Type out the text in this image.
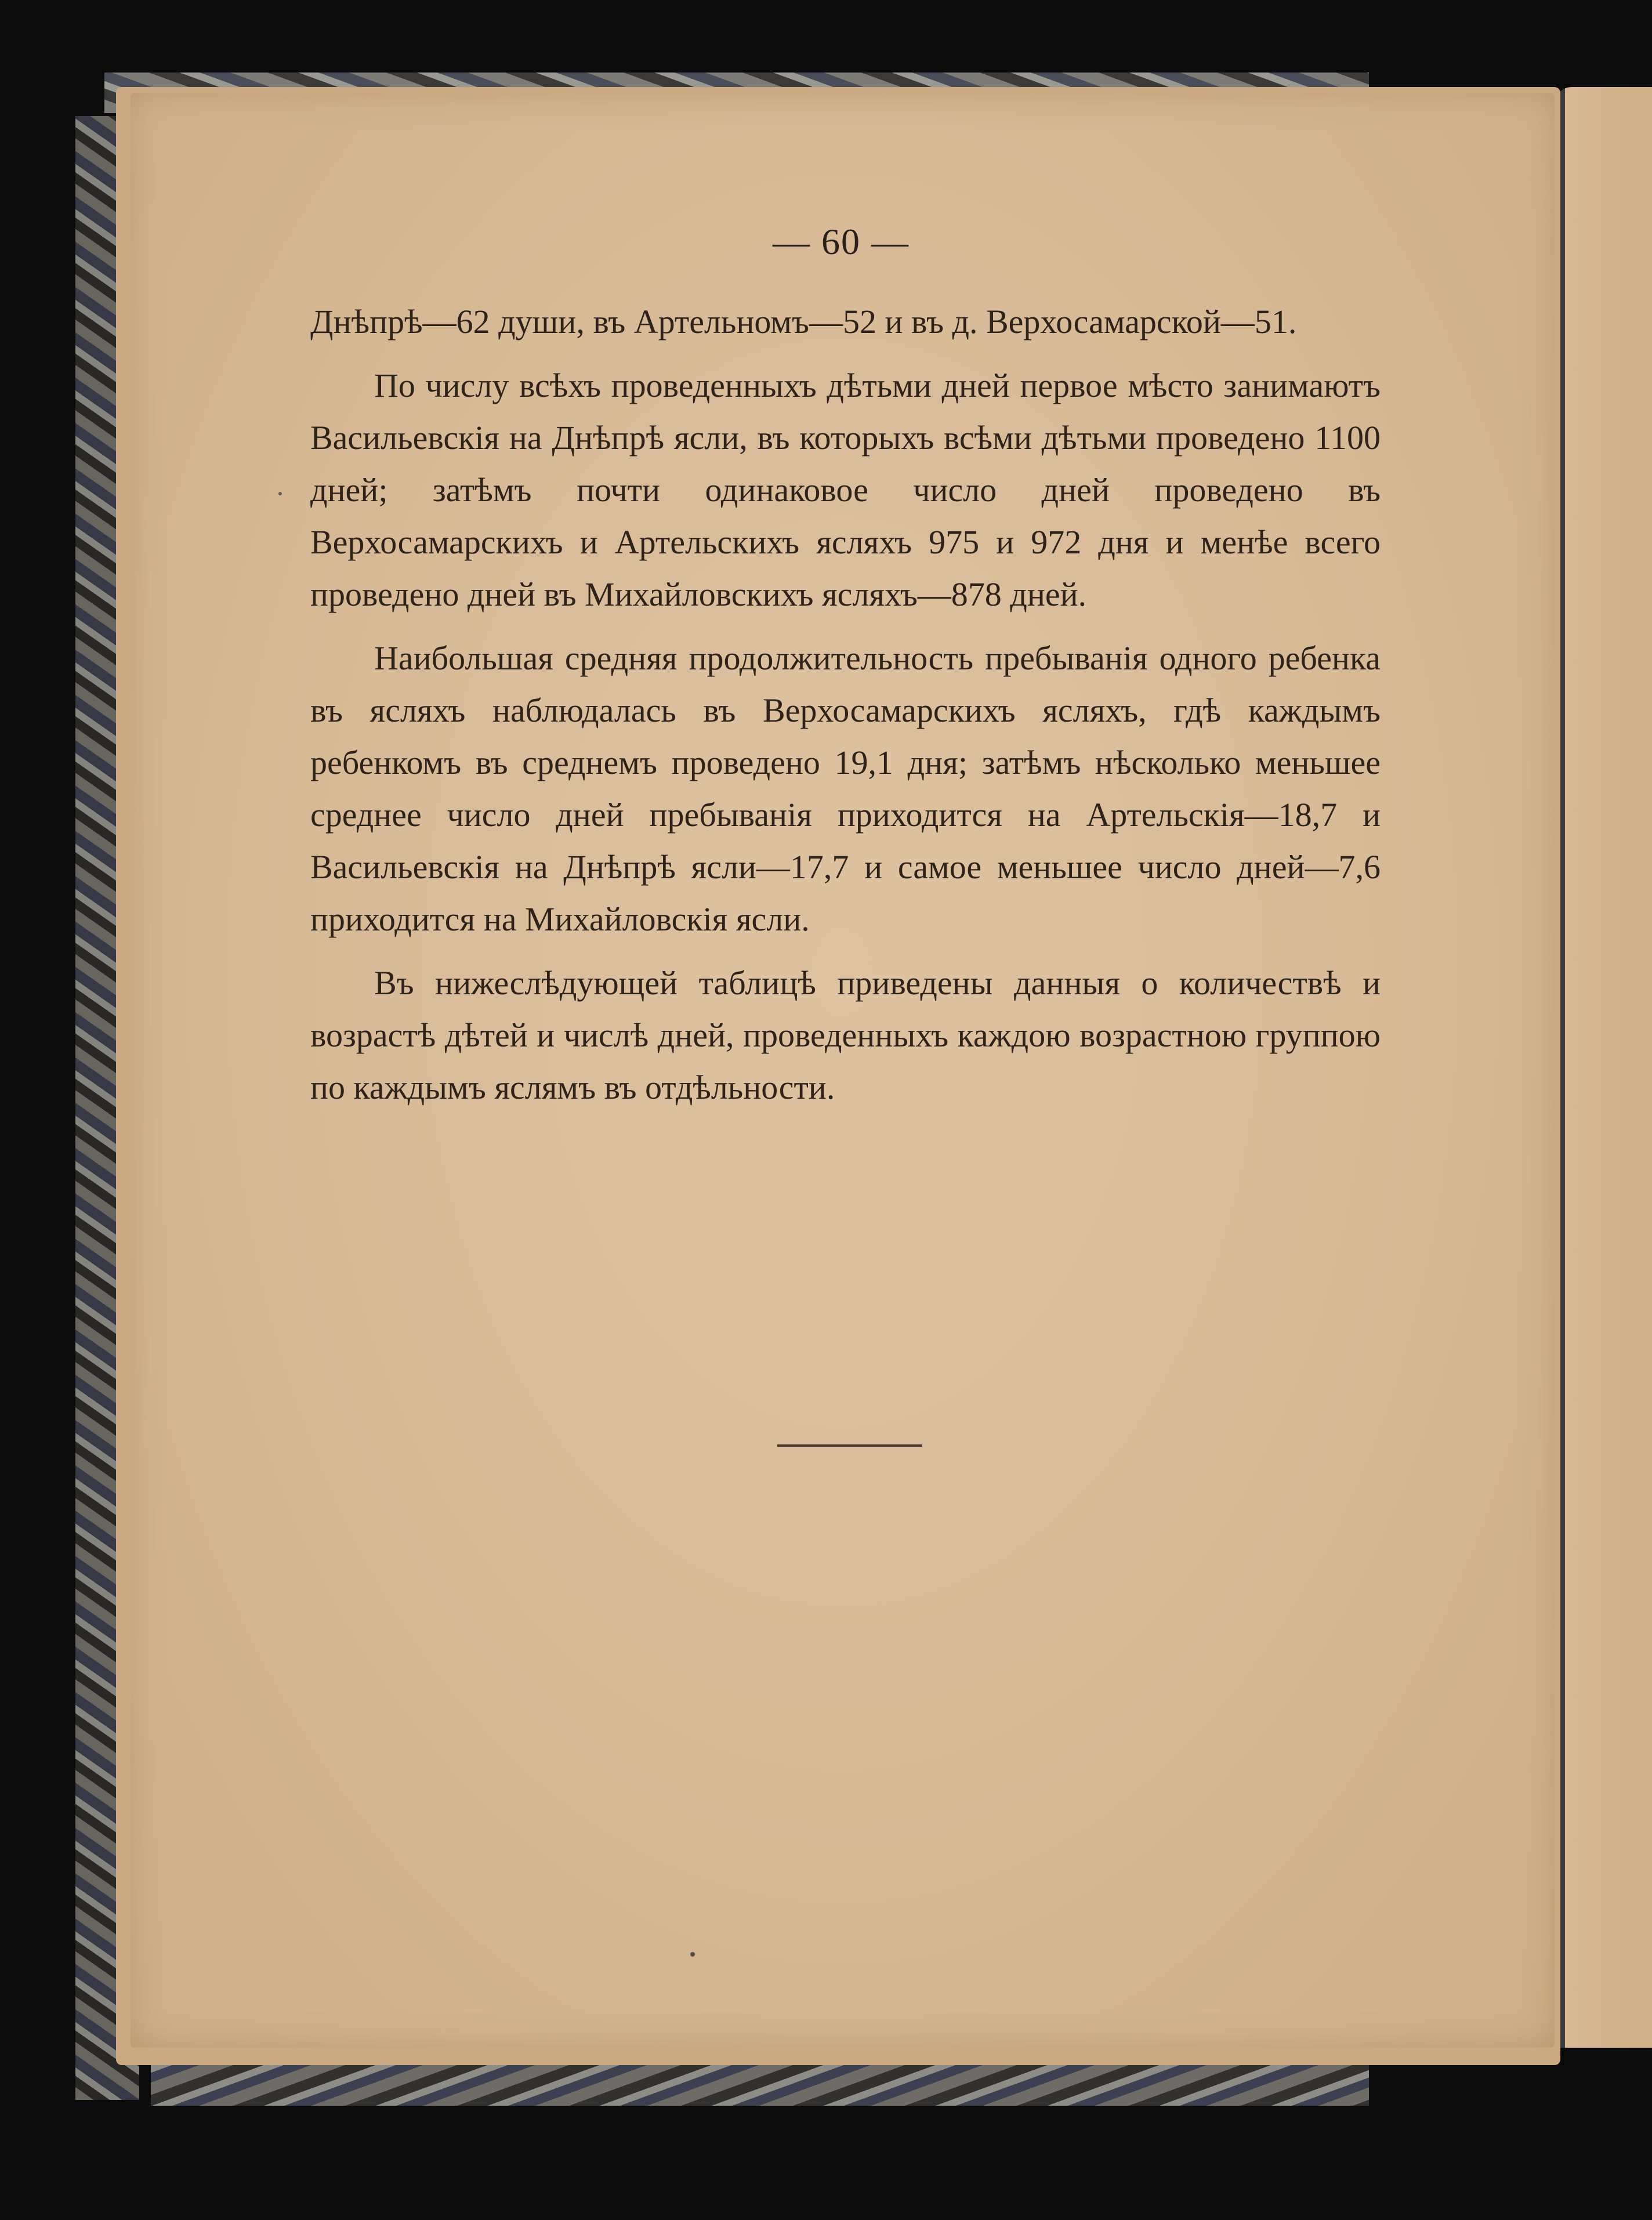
— 60 —

Днѣпрѣ—62 души, въ Артельномъ—52 и въ д. Верхосамарской—51.

По числу всѣхъ проведенныхъ дѣтьми дней первое мѣсто занимаютъ Васильевскія на Днѣпрѣ ясли, въ которыхъ всѣми дѣтьми проведено 1100 дней; затѣмъ почти одинаковое число дней проведено въ Верхосамарскихъ и Артельскихъ ясляхъ 975 и 972 дня и менѣе всего проведено дней въ Михайловскихъ ясляхъ—878 дней.

Наибольшая средняя продолжительность пребыванія одного ребенка въ ясляхъ наблюдалась въ Верхосамарскихъ ясляхъ, гдѣ каждымъ ребенкомъ въ среднемъ проведено 19,1 дня; затѣмъ нѣсколько меньшее среднее число дней пребыванія приходится на Артельскія—18,7 и Васильевскія на Днѣпрѣ ясли—17,7 и самое меньшее число дней—7,6 приходится на Михайловскія ясли.

Въ нижеслѣдующей таблицѣ приведены данныя о количествѣ и возрастѣ дѣтей и числѣ дней, проведенныхъ каждою возрастною группою по каждымъ яслямъ въ отдѣльности.
